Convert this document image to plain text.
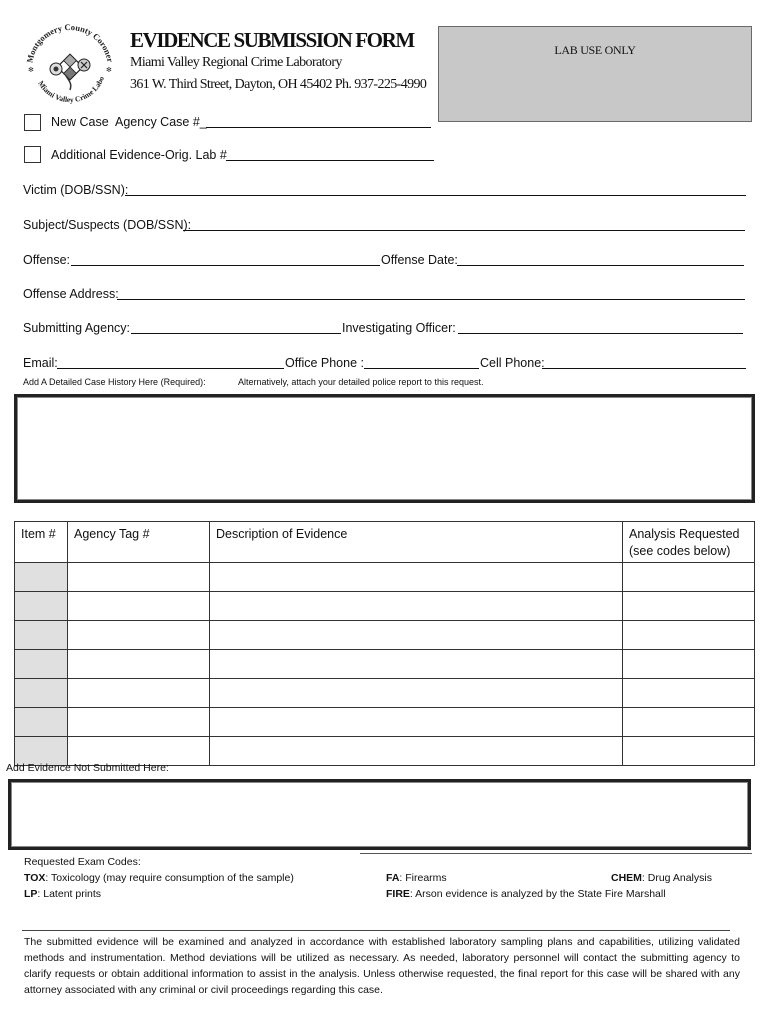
Montgomery County Coroner
Miami Valley Crime Labo
✻	✻
EVIDENCE SUBMISSION FORM
Miami Valley Regional Crime Laboratory
361 W. Third Street, Dayton, OH 45402 Ph. 937-225-4990
LAB USE ONLY
New Case Agency Case #_
Additional Evidence-Orig. Lab #
Victim (DOB/SSN):
Subject/Suspects (DOB/SSN):
Offense:	Offense Date:
Offense Address:
Submitting Agency:	Investigating Officer:
Email:	Office Phone :	Cell Phone:
Add A Detailed Case History Here (Required):	Alternatively, attach your detailed police report to this request.
Item #	Agency Tag #	Description of Evidence	Analysis Requested (see codes below)

Add Evidence Not Submitted Here:
Requested Exam Codes:
TOX: Toxicology (may require consumption of the sample)	FA: Firearms	CHEM: Drug Analysis
LP: Latent prints	FIRE: Arson evidence is analyzed by the State Fire Marshall
The submitted evidence will be examined and analyzed in accordance with established laboratory sampling plans and capabilities, utilizing validated methods and instrumentation. Method deviations will be utilized as necessary. As needed, laboratory personnel will contact the submitting agency to clarify requests or obtain additional information to assist in the analysis. Unless otherwise requested, the final report for this case will be shared with any attorney associated with any criminal or civil proceedings regarding this case.
